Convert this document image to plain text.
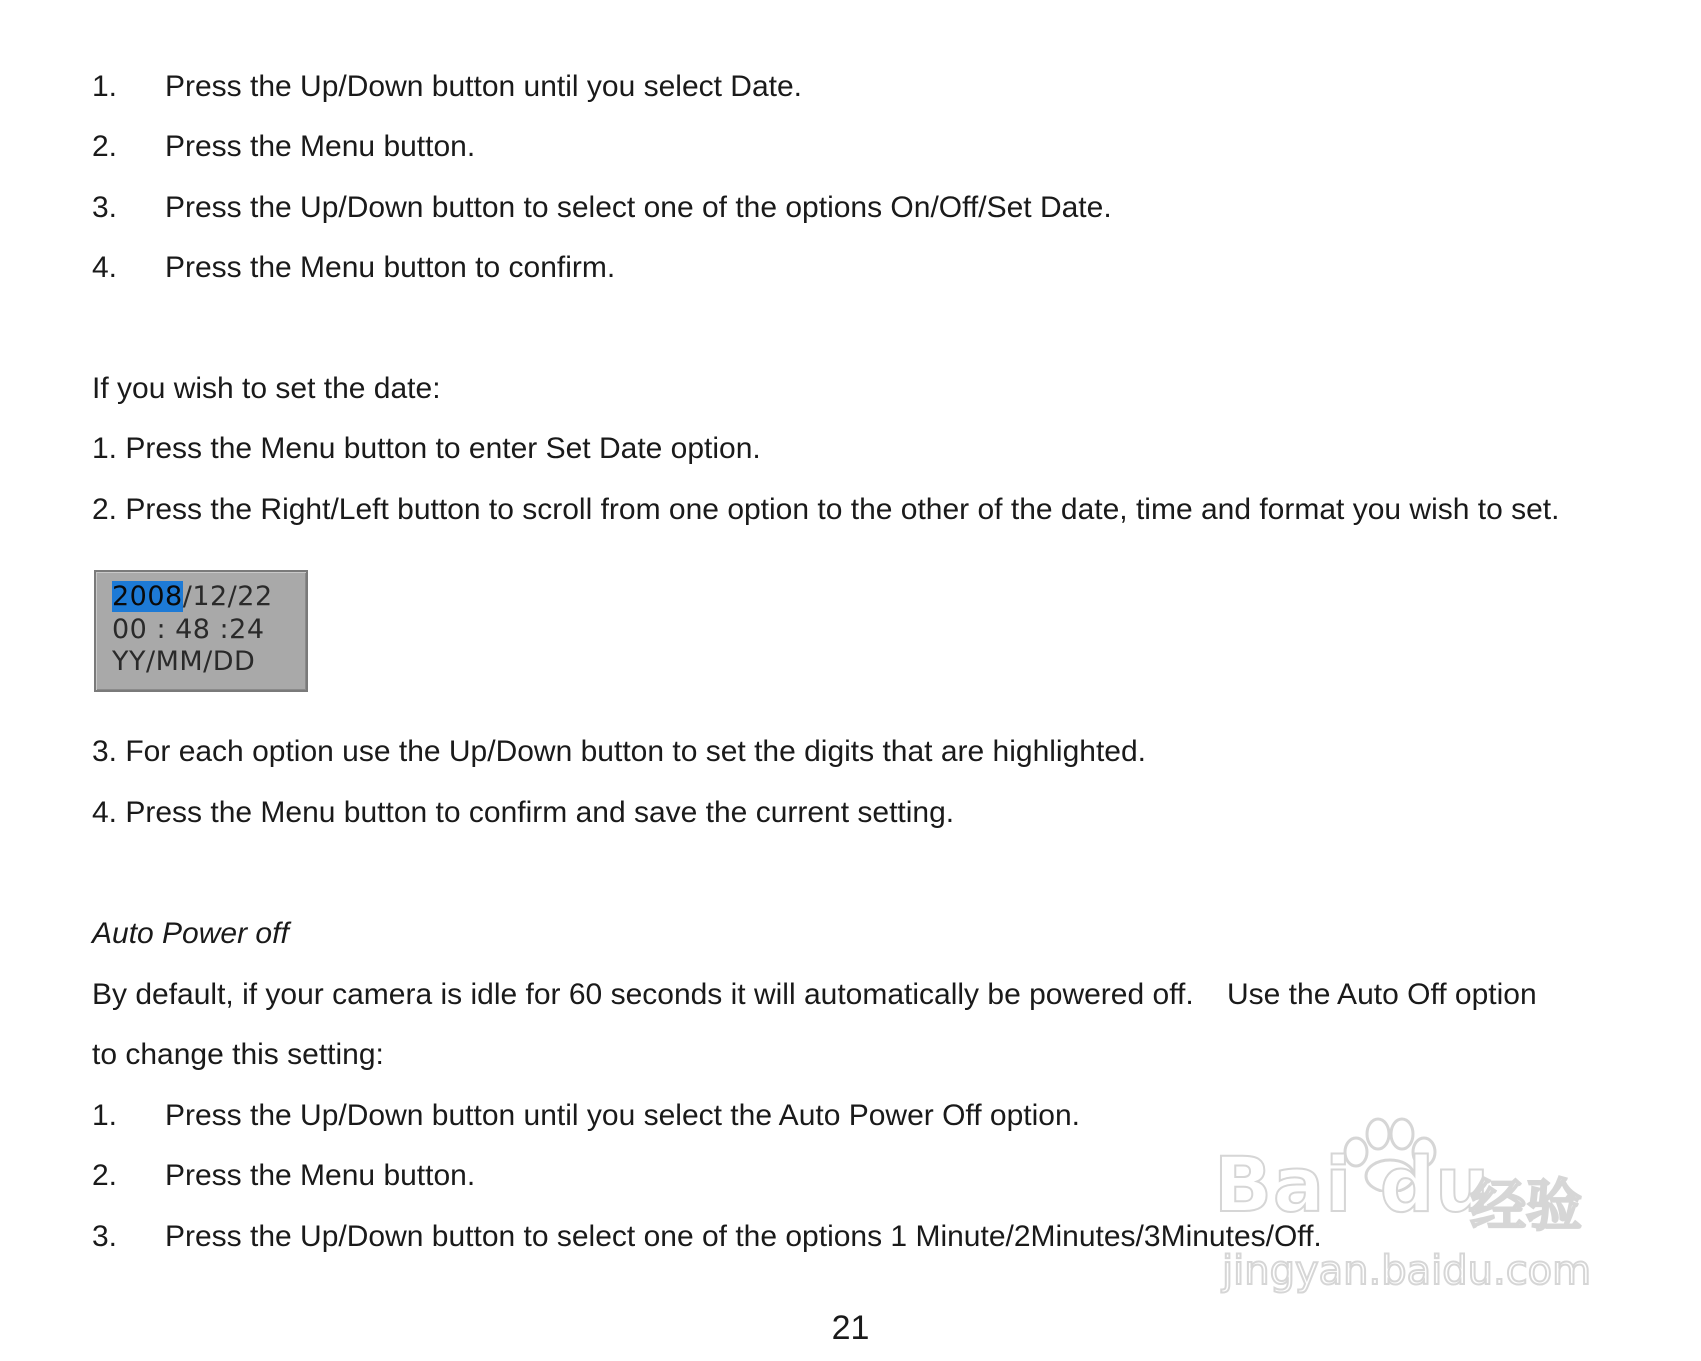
1. Press the Up/Down button until you select Date.
2. Press the Menu button.
3. Press the Up/Down button to select one of the options On/Off/Set Date.
4. Press the Menu button to confirm.
If you wish to set the date:
1. Press the Menu button to enter Set Date option.
2. Press the Right/Left button to scroll from one option to the other of the date, time and format you wish to set.
2008/12/22
00 : 48 :24
YY/MM/DD
3. For each option use the Up/Down button to set the digits that are highlighted.
4. Press the Menu button to confirm and save the current setting.
Auto Power off
By default, if your camera is idle for 60 seconds it will automatically be powered off.    Use the Auto Off option
to change this setting:
1. Press the Up/Down button until you select the Auto Power Off option.
2. Press the Menu button.
3. Press the Up/Down button to select one of the options 1 Minute/2Minutes/3Minutes/Off.
21
Bai du
经验
jingyan.baidu.com
